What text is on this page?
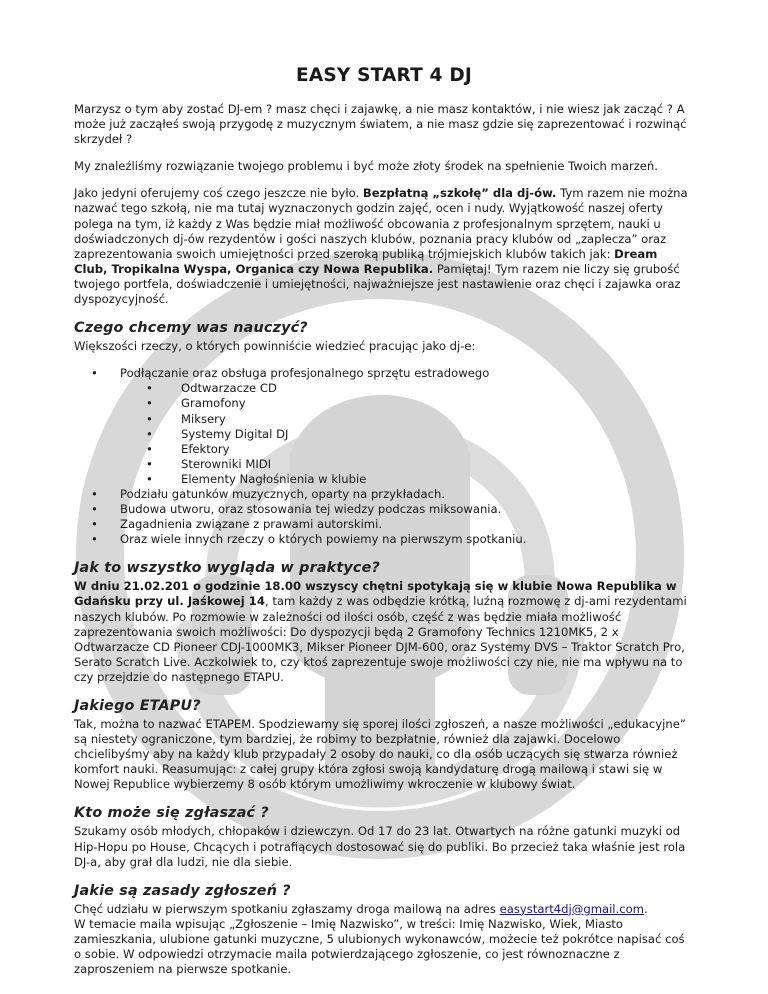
EASY START 4 DJ

Marzysz o tym aby zostać DJ-em ? masz chęci i zajawkę, a nie masz kontaktów, i nie wiesz jak zacząć ? A może już zacząłeś swoją przygodę z muzycznym światem, a nie masz gdzie się zaprezentować i rozwinąć skrzydeł ?

My znaleźliśmy rozwiązanie twojego problemu i być może złoty środek na spełnienie Twoich marzeń.

Jako jedyni oferujemy coś czego jeszcze nie było. Bezpłatną „szkołę” dla dj-ów. Tym razem nie można nazwać tego szkołą, nie ma tutaj wyznaczonych godzin zajęć, ocen i nudy. Wyjątkowość naszej oferty polega na tym, iż każdy z Was będzie miał możliwość obcowania z profesjonalnym sprzętem, nauki u doświadczonych dj-ów rezydentów i gości naszych klubów, poznania pracy klubów od „zaplecza” oraz zaprezentowania swoich umiejętności przed szeroką publiką trójmiejskich klubów takich jak: Dream Club, Tropikalna Wyspa, Organica czy Nowa Republika. Pamiętaj! Tym razem nie liczy się grubość twojego portfela, doświadczenie i umiejętności, najważniejsze jest nastawienie oraz chęci i zajawka oraz dyspozycyjność.

Czego chcemy was nauczyć?

Większości rzeczy, o których powinniście wiedzieć pracując jako dj-e:

• Podłączanie oraz obsługa profesjonalnego sprzętu estradowego
• Odtwarzacze CD
• Gramofony
• Miksery
• Systemy Digital DJ
• Efektory
• Sterowniki MIDI
• Elementy Nagłośnienia w klubie
• Podziału gatunków muzycznych, oparty na przykładach.
• Budowa utworu, oraz stosowania tej wiedzy podczas miksowania.
• Zagadnienia związane z prawami autorskimi.
• Oraz wiele innych rzeczy o których powiemy na pierwszym spotkaniu.
Jak to wszystko wygląda w praktyce?

W dniu 21.02.201 o godzinie 18.00 wszyscy chętni spotykają się w klubie Nowa Republika w Gdańsku przy ul. Jaśkowej 14, tam każdy z was odbędzie krótką, luźną rozmowę z dj-ami rezydentami naszych klubów. Po rozmowie w zależności od ilości osób, część z was będzie miała możliwość zaprezentowania swoich możliwości: Do dyspozycji będą 2 Gramofony Technics 1210MK5, 2 x Odtwarzacze CD Pioneer CDJ-1000MK3, Mikser Pioneer DJM-600, oraz Systemy DVS – Traktor Scratch Pro, Serato Scratch Live. Aczkolwiek to, czy ktoś zaprezentuje swoje możliwości czy nie, nie ma wpływu na to czy przejdzie do następnego ETAPU.

Jakiego ETAPU?

Tak, można to nazwać ETAPEM. Spodziewamy się sporej ilości zgłoszeń, a nasze możliwości „edukacyjne” są niestety ograniczone, tym bardziej, że robimy to bezpłatnie, również dla zajawki. Docelowo chcielibyśmy aby na każdy klub przypadały 2 osoby do nauki, co dla osób uczących się stwarza również komfort nauki. Reasumując: z całej grupy która zgłosi swoją kandydaturę drogą mailową i stawi się w Nowej Republice wybierzemy 8 osób którym umożliwimy wkroczenie w klubowy świat.

Kto może się zgłaszać ?

Szukamy osób młodych, chłopaków i dziewczyn. Od 17 do 23 lat. Otwartych na różne gatunki muzyki od Hip-Hopu po House, Chcących i potrafiących dostosować się do publiki. Bo przecież taka właśnie jest rola DJ-a, aby grał dla ludzi, nie dla siebie.

Jakie są zasady zgłoszeń ?

Chęć udziału w pierwszym spotkaniu zgłaszamy droga mailową na adres easystart4dj@gmail.com.

W temacie maila wpisując „Zgłoszenie – Imię Nazwisko”, w treści: Imię Nazwisko, Wiek, Miasto zamieszkania, ulubione gatunki muzyczne, 5 ulubionych wykonawców, możecie też pokrótce napisać coś o sobie. W odpowiedzi otrzymacie maila potwierdzającego zgłoszenie, co jest równoznaczne z zaproszeniem na pierwsze spotkanie.
